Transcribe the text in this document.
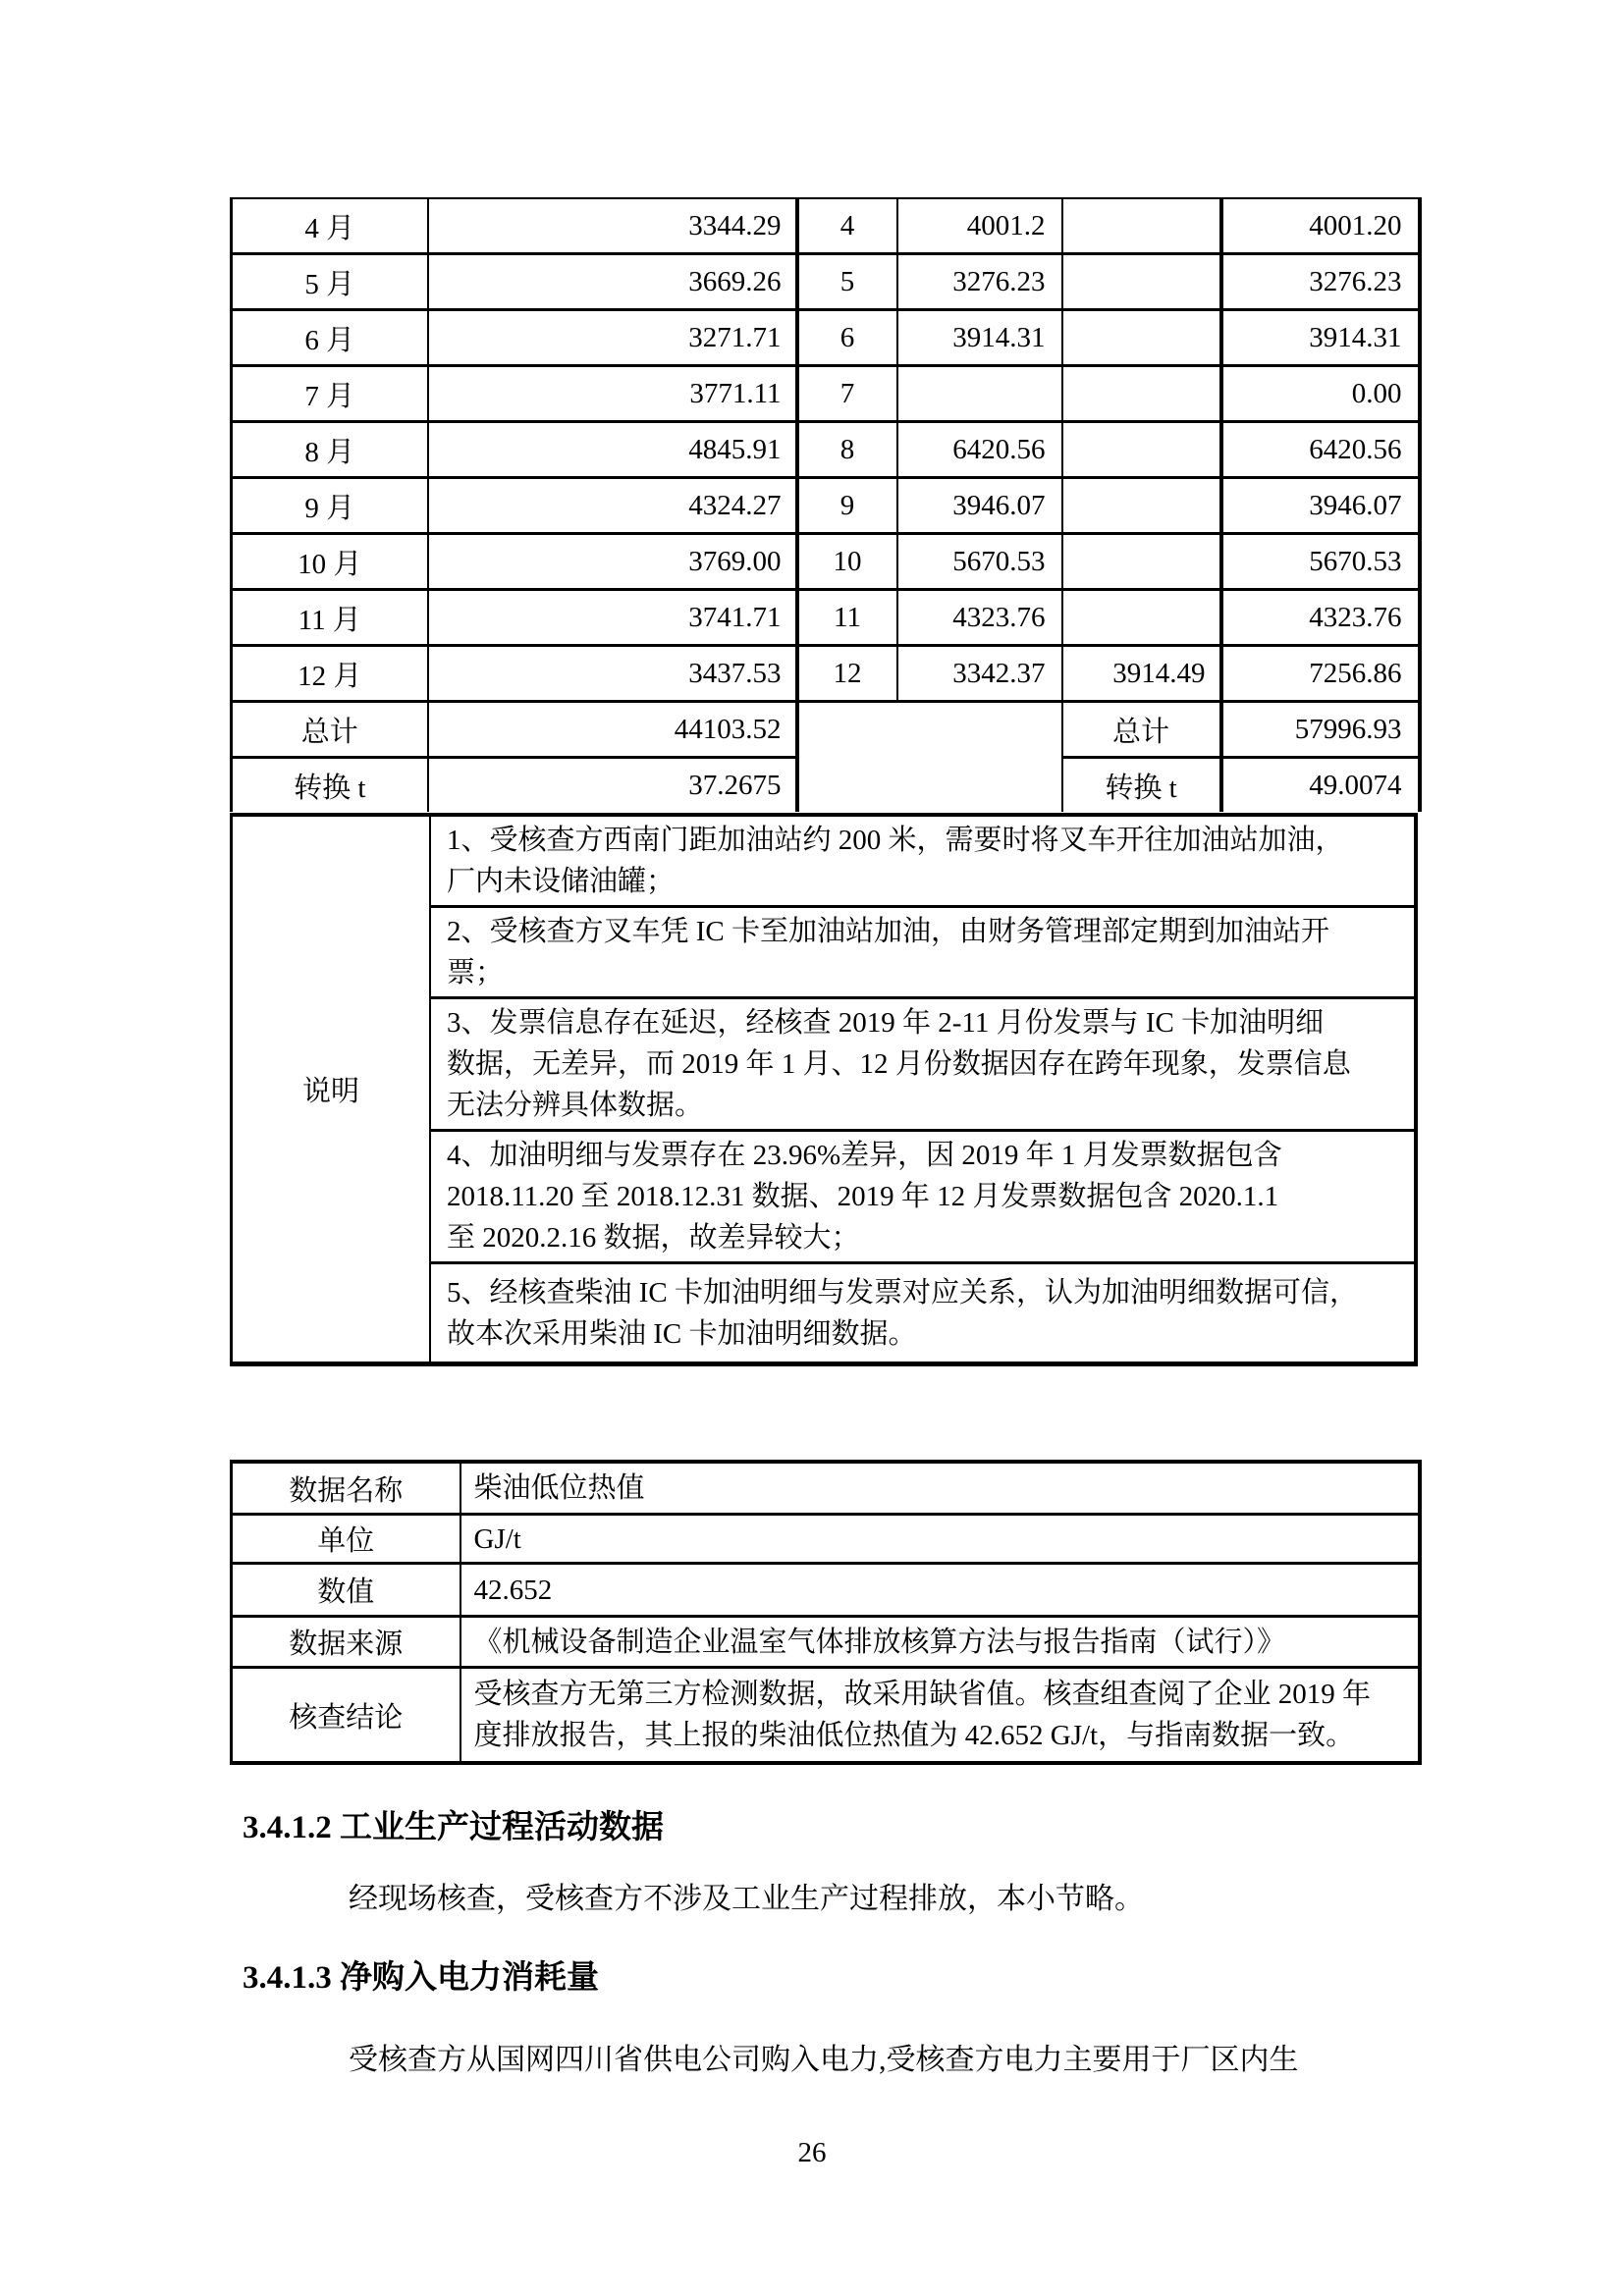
4 月	3344.29	4	4001.2		4001.20
5 月	3669.26	5	3276.23		3276.23
6 月	3271.71	6	3914.31		3914.31
7 月	3771.11	7			0.00
8 月	4845.91	8	6420.56		6420.56
9 月	4324.27	9	3946.07		3946.07
10 月	3769.00	10	5670.53		5670.53
11 月	3741.71	11	4323.76		4323.76
12 月	3437.53	12	3342.37	3914.49	7256.86
总计	44103.52			总计	57996.93
转换 t	37.2675			转换 t	49.0074
说明
1、受核查方西南门距加油站约 200 米，需要时将叉车开往加油站加油，
厂内未设储油罐；
2、受核查方叉车凭 IC 卡至加油站加油，由财务管理部定期到加油站开
票；
3、发票信息存在延迟，经核查 2019 年 2-11 月份发票与 IC 卡加油明细
数据，无差异，而 2019 年 1 月、12 月份数据因存在跨年现象，发票信息
无法分辨具体数据。
4、加油明细与发票存在 23.96%差异，因 2019 年 1 月发票数据包含
2018.11.20 至 2018.12.31 数据、2019 年 12 月发票数据包含 2020.1.1
至 2020.2.16 数据，故差异较大；
5、经核查柴油 IC 卡加油明细与发票对应关系，认为加油明细数据可信，
故本次采用柴油 IC 卡加油明细数据。
数据名称	柴油低位热值

单位	GJ/t

数值	42.652

数据来源	《机械设备制造企业温室气体排放核算方法与报告指南（试行）》

核查结论	受核查方无第三方检测数据，故采用缺省值。核查组查阅了企业 2019 年
度排放报告，其上报的柴油低位热值为 42.652 GJ/t，与指南数据一致。
3.4.1.2 工业生产过程活动数据
经现场核查，受核查方不涉及工业生产过程排放，本小节略。
3.4.1.3 净购入电力消耗量
受核查方从国网四川省供电公司购入电力,受核查方电力主要用于厂区内生
26
